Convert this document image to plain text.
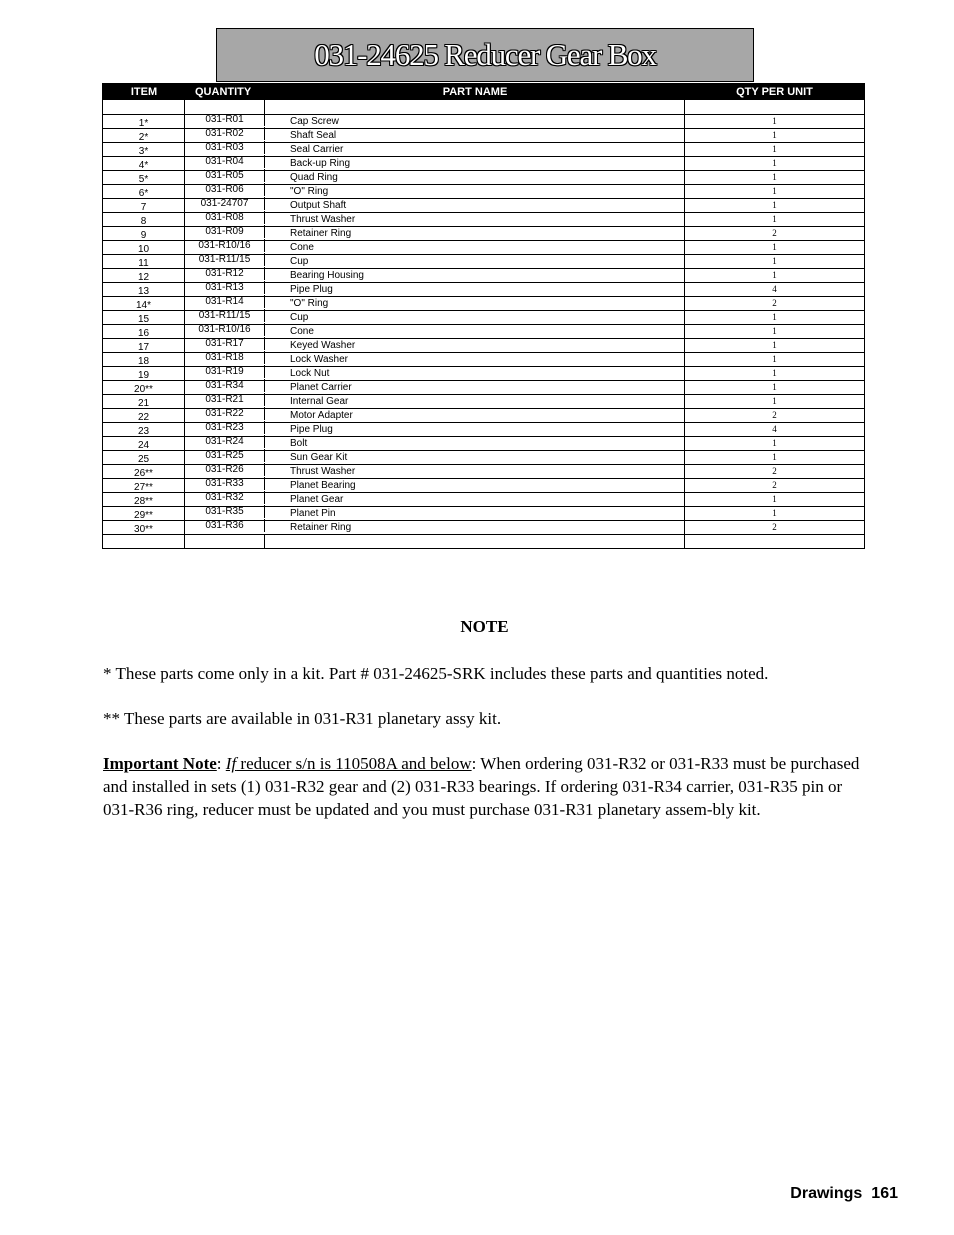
031-24625 Reducer Gear Box
ITEM	QUANTITY	PART NAME	QTY PER UNIT
1*	031-R01	Cap Screw	1
2*	031-R02	Shaft Seal	1
3*	031-R03	Seal Carrier	1
4*	031-R04	Back-up Ring	1
5*	031-R05	Quad Ring	1
6*	031-R06	"O" Ring	1
7	031-24707	Output Shaft	1
8	031-R08	Thrust Washer	1
9	031-R09	Retainer Ring	2
10	031-R10/16	Cone	1
11	031-R11/15	Cup	1
12	031-R12	Bearing Housing	1
13	031-R13	Pipe Plug	4
14*	031-R14	"O" Ring	2
15	031-R11/15	Cup	1
16	031-R10/16	Cone	1
17	031-R17	Keyed Washer	1
18	031-R18	Lock Washer	1
19	031-R19	Lock Nut	1
20**	031-R34	Planet Carrier	1
21	031-R21	Internal Gear	1
22	031-R22	Motor Adapter	2
23	031-R23	Pipe Plug	4
24	031-R24	Bolt	1
25	031-R25	Sun Gear Kit	1
26**	031-R26	Thrust Washer	2
27**	031-R33	Planet Bearing	2
28**	031-R32	Planet Gear	1
29**	031-R35	Planet Pin	1
30**	031-R36	Retainer Ring	2
NOTE
* These parts come only in a kit. Part # 031-24625-SRK includes these parts and quantities noted.
** These parts are available in 031-R31 planetary assy kit.
Important Note: If reducer s/n is 110508A and below: When ordering 031-R32 or 031-R33 must be purchased and installed in sets (1) 031-R32 gear and (2) 031-R33 bearings. If ordering 031-R34 carrier, 031-R35 pin or 031-R36 ring, reducer must be updated and you must purchase 031-R31 planetary assem-bly kit.
Drawings 161
